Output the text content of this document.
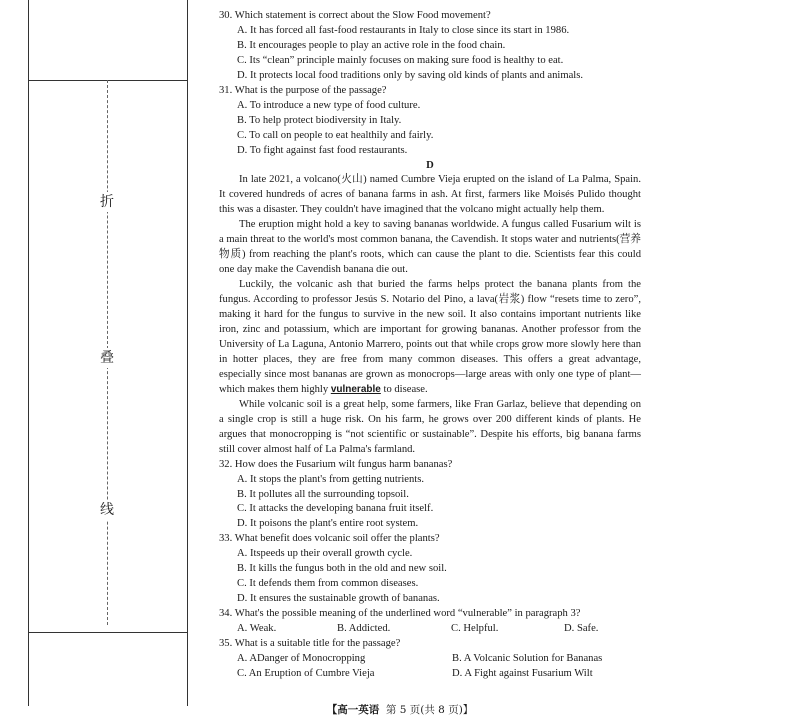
折
叠
线

30. Which statement is correct about the Slow Food movement?

A. It has forced all fast-food restaurants in Italy to close since its start in 1986.

B. It encourages people to play an active role in the food chain.

C. Its “clean” principle mainly focuses on making sure food is healthy to eat.

D. It protects local food traditions only by saving old kinds of plants and animals.

31. What is the purpose of the passage?

A. To introduce a new type of food culture.

B. To help protect biodiversity in Italy.

C. To call on people to eat healthily and fairly.

D. To fight against fast food restaurants.

D

In late 2021, a volcano(火山) named Cumbre Vieja erupted on the island of La Palma, Spain. It covered hundreds of acres of banana farms in ash. At first, farmers like Moisés Pulido thought this was a disaster. They couldn't have imagined that the volcano might actually help them.

The eruption might hold a key to saving bananas worldwide. A fungus called Fusarium wilt is a main threat to the world's most common banana, the Cavendish. It stops water and nutrients(营养物质) from reaching the plant's roots, which can cause the plant to die. Scientists fear this could one day make the Cavendish banana die out.

Luckily, the volcanic ash that buried the farms helps protect the banana plants from the fungus. According to professor Jesús S. Notario del Pino, a lava(岩浆) flow “resets time to zero”, making it hard for the fungus to survive in the new soil. It also contains important nutrients like iron, zinc and potassium, which are important for growing bananas. Another professor from the University of La Laguna, Antonio Marrero, points out that while crops grow more slowly here than in hotter places, they are free from many common diseases. This offers a great advantage, especially since most bananas are grown as monocrops—large areas with only one type of plant—which makes them highly vulnerable to disease.

While volcanic soil is a great help, some farmers, like Fran Garlaz, believe that depending on a single crop is still a huge risk. On his farm, he grows over 200 different kinds of plants. He argues that monocropping is “not scientific or sustainable”. Despite his efforts, big banana farms still cover almost half of La Palma's farmland.

32. How does the Fusarium wilt fungus harm bananas?

A. It stops the plant's from getting nutrients.

B. It pollutes all the surrounding topsoil.

C. It attacks the developing banana fruit itself.

D. It poisons the plant's entire root system.

33. What benefit does volcanic soil offer the plants?

A. Itspeeds up their overall growth cycle.

B. It kills the fungus both in the old and new soil.

C. It defends them from common diseases.

D. It ensures the sustainable growth of bananas.

34. What's the possible meaning of the underlined word “vulnerable” in paragraph 3?

A. Weak.	B. Addicted.	C. Helpful.	D. Safe.

35. What is a suitable title for the passage?

A. ADanger of Monocropping	B. A Volcanic Solution for Bananas
C. An Eruption of Cumbre Vieja	D. A Fight against Fusarium Wilt
【高一英语 第 5 页(共 8 页)】
